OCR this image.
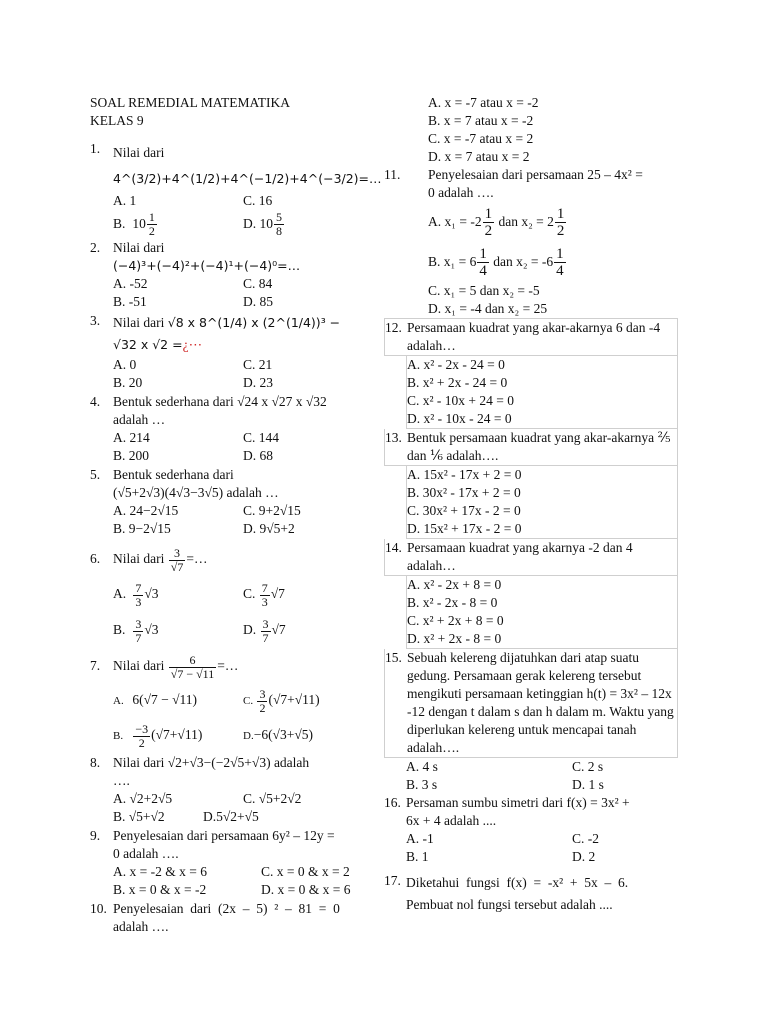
SOAL REMEDIAL MATEMATIKA
KELAS 9
1. Nilai dari 4^(3/2)+4^(1/2)+4^(−1/2)+4^(−3/2)=…
A. 1	C. 16
B. $10 \frac{1}{2}$	D. $10 \frac{5}{8}$
2. Nilai dari
(−4)³+(−4)²+(−4)¹+(−4)⁰=…
A. -52	C. 84
B. -51	D. 85
3. Nilai dari √8 x 8^(1/4) x (2^(1/4))³ − √32 x √2 =¿⋯
A. 0	C. 21
B. 20	D. 23
4. Bentuk sederhana dari √24 x √27 x √32
adalah …
A. 214	C. 144
B. 200	D. 68
5. Bentuk sederhana dari
(√5+2√3)(4√3−3√5) adalah …
A. 24−2√15	C. 9+2√15
B. 9−2√15	D. 9√5+2
6. Nilai dari $\frac{3}{√7}$ =…
A. $\frac{7}{3} √3$	C. $\frac{7}{3} √7$
B. $\frac{3}{7} √3$	D. $\frac{3}{7} √7$
7. Nilai dari $\frac{6}{√7 - √11}$ =…
A. 6(√7 − √11)	C. $\frac{3}{2} (√7+√11)$
B. $\frac{-3}{2} (√7+√11)$	D.−6(√3+√5)
8. Nilai dari √2+√3−(−2√5+√3) adalah
….
A. √2+2√5	C. √5+2√2
B. √5+√2	D.5√2+√5
9. Penyelesaian dari persamaan 6y² – 12y =
0 adalah ….
A. x = -2 & x = 6	C. x = 0 & x = 2
B. x = 0 & x = -2	D. x = 0 & x = 6
10. Penyelesaian  dari  (2x  –  5)  ²  –  81  =  0
adalah ….
A. x = -7 atau x = -2
B. x = 7 atau x = -2
C. x = -7 atau x = 2
D. x = 7 atau x = 2
11.	Penyelesaian dari persamaan 25 – 4x² =
0 adalah ….
A. $x_1 = -2 \frac{1}{2}$ dan $x_2 = 2 \frac{1}{2}$
B. $x_1 = 6 \frac{1}{4}$ dan $x_2 = -6 \frac{1}{4}$
C. x₁ = 5 dan x₂ = -5
D. x₁ = -4 dan x₂ = 25
12. Persamaan kuadrat yang akar-akarnya 6 dan -4 adalah…
A. x² - 2x - 24 = 0
B. x² + 2x - 24 = 0
C. x² - 10x + 24 = 0
D. x² - 10x - 24 = 0
13. Bentuk persamaan kuadrat yang akar-akarnya ⅖ dan ⅙ adalah….
A. 15x² - 17x + 2 = 0
B. 30x² - 17x + 2 = 0
C. 30x² + 17x - 2 = 0
D. 15x² + 17x - 2 = 0
14. Persamaan kuadrat yang akarnya -2 dan 4 adalah…
A. x² - 2x + 8 = 0
B. x² - 2x - 8 = 0
C. x² + 2x + 8 = 0
D. x² + 2x - 8 = 0
15. Sebuah kelereng dijatuhkan dari atap suatu gedung. Persamaan gerak kelereng tersebut mengikuti persamaan ketinggian h(t) = 3x² – 12x -12 dengan t dalam s dan h dalam m. Waktu yang diperlukan kelereng untuk mencapai tanah adalah….
A. 4 s	C. 2 s
B. 3 s	D. 1 s
16. Persaman sumbu simetri dari f(x) = 3x² +
6x + 4 adalah ....
A. -1	C. -2
B. 1	D. 2
17. Diketahui  fungsi  f(x)  =  -x²  +  5x  –  6.
Pembuat nol fungsi tersebut adalah ....
